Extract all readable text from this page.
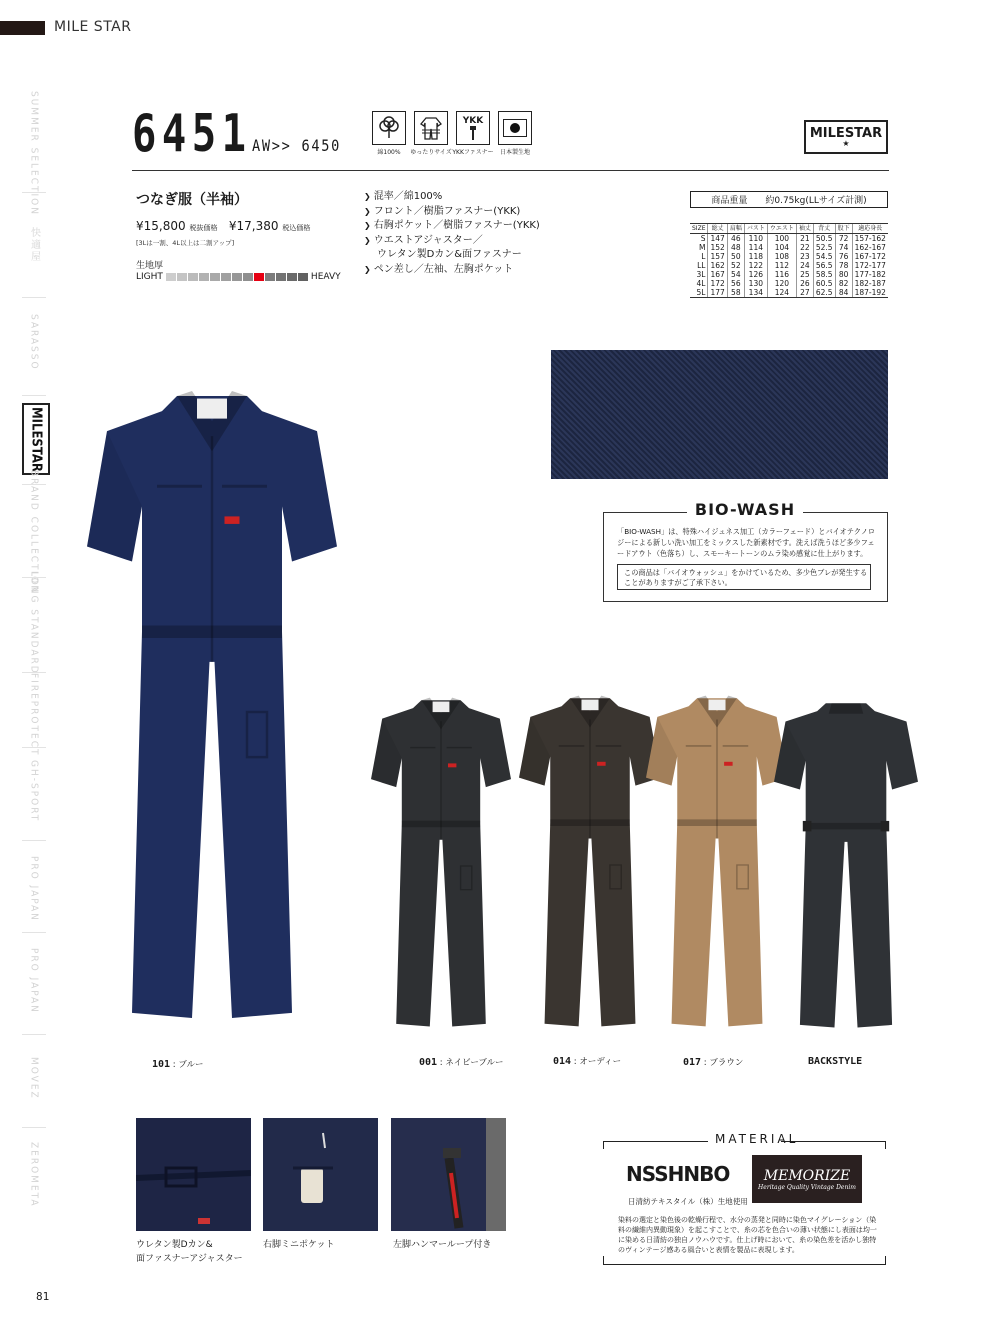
MILE STAR
SUMMER SELECTION
快適屋
SARASSO
MILESTAR
BRAND COLLECTION
LONG STANDARD
FIREPROTECT
GH-SPORT
PRO JAPAN
PRO JAPAN
MOVEZ
ZEROMETA
6451 AW>> 6450	綿100% ゆったりサイズ
YKK
YKKファスナー 日本製生地
MILESTAR
★
つなぎ服（半袖）
¥15,800 税抜価格 ¥17,380 税込価格
[3Lは一割、4L以上は二割アップ]
生地厚
LIGHT	HEAVY
❯ 混率／綿100%
❯ フロント／樹脂ファスナー(YKK)
❯ 右胸ポケット／樹脂ファスナー(YKK)
❯ ウエストアジャスター／
ウレタン製Dカン&面ファスナー
❯ ペン差し／左袖、左胸ポケット
商品重量 約0.75kg(LLサイズ計測)
SIZE	総丈	肩幅	バスト	ウエスト	袖丈	背丈	股下	適応身長
S	147	46	110	100	21	50.5	72	157-162
M	152	48	114	104	22	52.5	74	162-167
L	157	50	118	108	23	54.5	76	167-172
LL	162	52	122	112	24	56.5	78	172-177
3L	167	54	126	116	25	58.5	80	177-182
4L	172	56	130	120	26	60.5	82	182-187
5L	177	58	134	124	27	62.5	84	187-192
BIO-WASH
「BIO-WASH」は、特殊ハイジュネス加工（カラーフェード）とバイオテクノロジーによる新しい洗い加工をミックスした新素材です。洗えば洗うほど多少フェードアウト（色落ち）し、スモーキートーンのムラ染め感覚に仕上がります。
この商品は「バイオウォッシュ」をかけているため、多少色ブレが発生することがありますがご了承下さい。
101 : ブルー	001 : ネイビーブルー	014 : オーディー	017 : ブラウン	BACKSTYLE
ウレタン製Dカン&
面ファスナーアジャスター
右脚ミニポケット	左脚ハンマーループ付き
MATERIAL
NSSHNBO MEMORIZE
Heritage Quality Vintage Denim
日清紡テキスタイル（株）生地使用
染料の選定と染色後の乾燥行程で、水分の蒸発と同時に染色マイグレーション（染料の繊維内異動現象）を起こすことで、糸の芯を色合いの薄い状態にし表面は均一に染める日清紡の独自ノウハウです。仕上げ時において、糸の染色差を活かし独特のヴィンテージ感ある風合いと表情を製品に表現します。
81
